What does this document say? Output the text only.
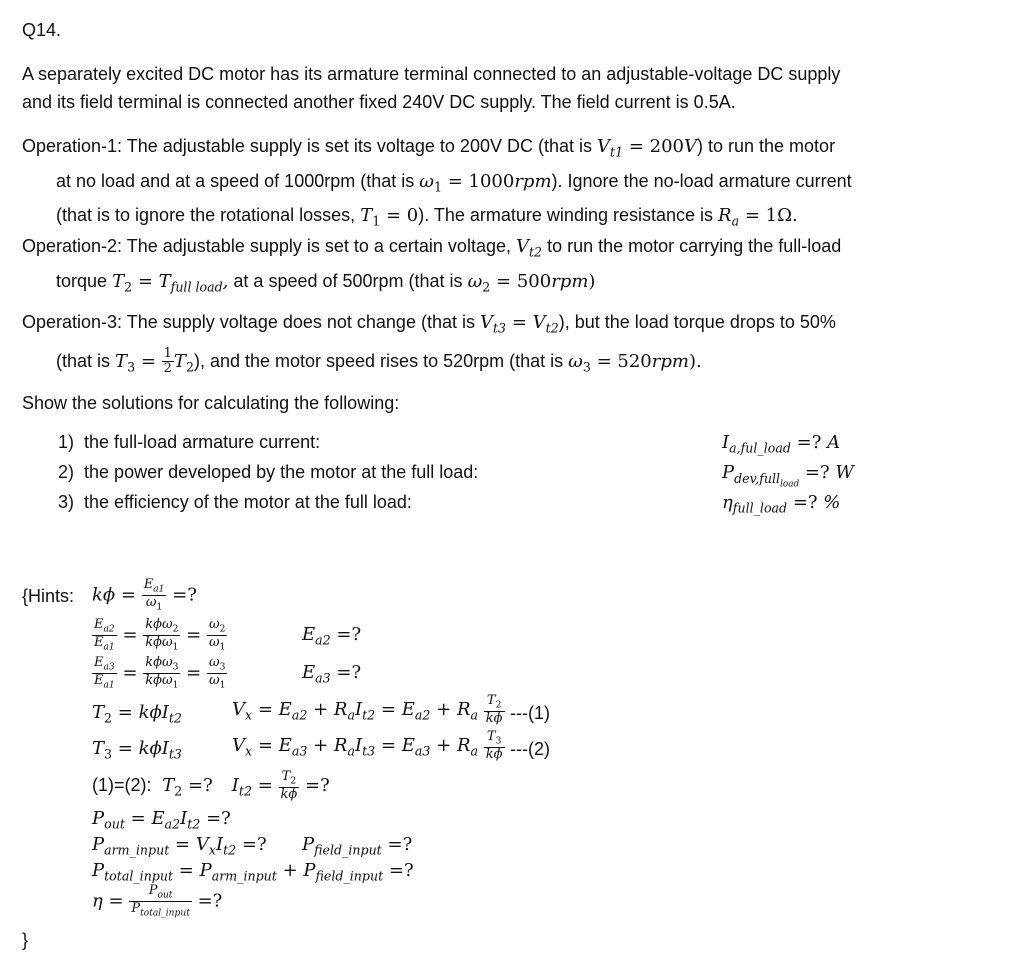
Q14.
A separately excited DC motor has its armature terminal connected to an adjustable-voltage DC supply
and its field terminal is connected another fixed 240V DC supply. The field current is 0.5A.
Operation-1: The adjustable supply is set its voltage to 200V DC (that is $V_{t1} = 200V$) to run the motor
at no load and at a speed of 1000rpm (that is $\omega_1 = 1000rpm$). Ignore the no-load armature current
(that is to ignore the rotational losses, $T_1 = 0$). The armature winding resistance is $R_a = 1\Omega$.
Operation-2: The adjustable supply is set to a certain voltage, $V_{t2}$ to run the motor carrying the full-load
torque $T_2 = T_{full load}$, at a speed of 500rpm (that is $\omega_2 = 500rpm$)
Operation-3: The supply voltage does not change (that is $V_{t3} = V_{t2}$), but the load torque drops to 50%
(that is $T_3 = \frac{1}{2} T_2$), and the motor speed rises to 520rpm (that is $\omega_3 = 520rpm$).
Show the solutions for calculating the following:
1) the full-load armature current:
2) the power developed by the motor at the full load:
3) the efficiency of the motor at the full load:
$I_{a,ful\_load}$ =? A
$P_{dev,full_{load}}$ =? W
$\eta_{full\_load}$ =? %
{Hints: $k\phi = \frac{E_{a1}}{\omega_1}$ =?
$\frac{E_{a2}}{E_{a1}} = \frac{k\phi\omega_2}{k\phi\omega_1} = \frac{\omega_2}{\omega_1}$
$\frac{E_{a3}}{E_{a1}} = \frac{k\phi\omega_3}{k\phi\omega_1} = \frac{\omega_3}{\omega_1}$
$E_{a2}$ =?
$E_{a3}$ =?
$T_2 = k\phi I_{t2}$
$T_3 = k\phi I_{t3}$
$V_x = E_{a2} + R_aI_{t2} = E_{a2} + R_a \frac{T_2}{k\phi} ---(1)$
$V_x = E_{a3} + R_aI_{t3} = E_{a3} + R_a \frac{T_3}{k\phi} ---(2)$
(1)=(2):  $T_2$ =? $I_{t2} = \frac{T_2}{k\phi}$ =?
$P_{out} = E_{a2}I_{t2}$ =?
$P_{arm\_input} = V_xI_{t2}$ =? $P_{field\_input}$ =?
$P_{total\_input} = P_{arm\_input} + P_{field\_input}$ =?
$\eta = \frac{P_{out}}{P_{total\_input}}$ =?
}
